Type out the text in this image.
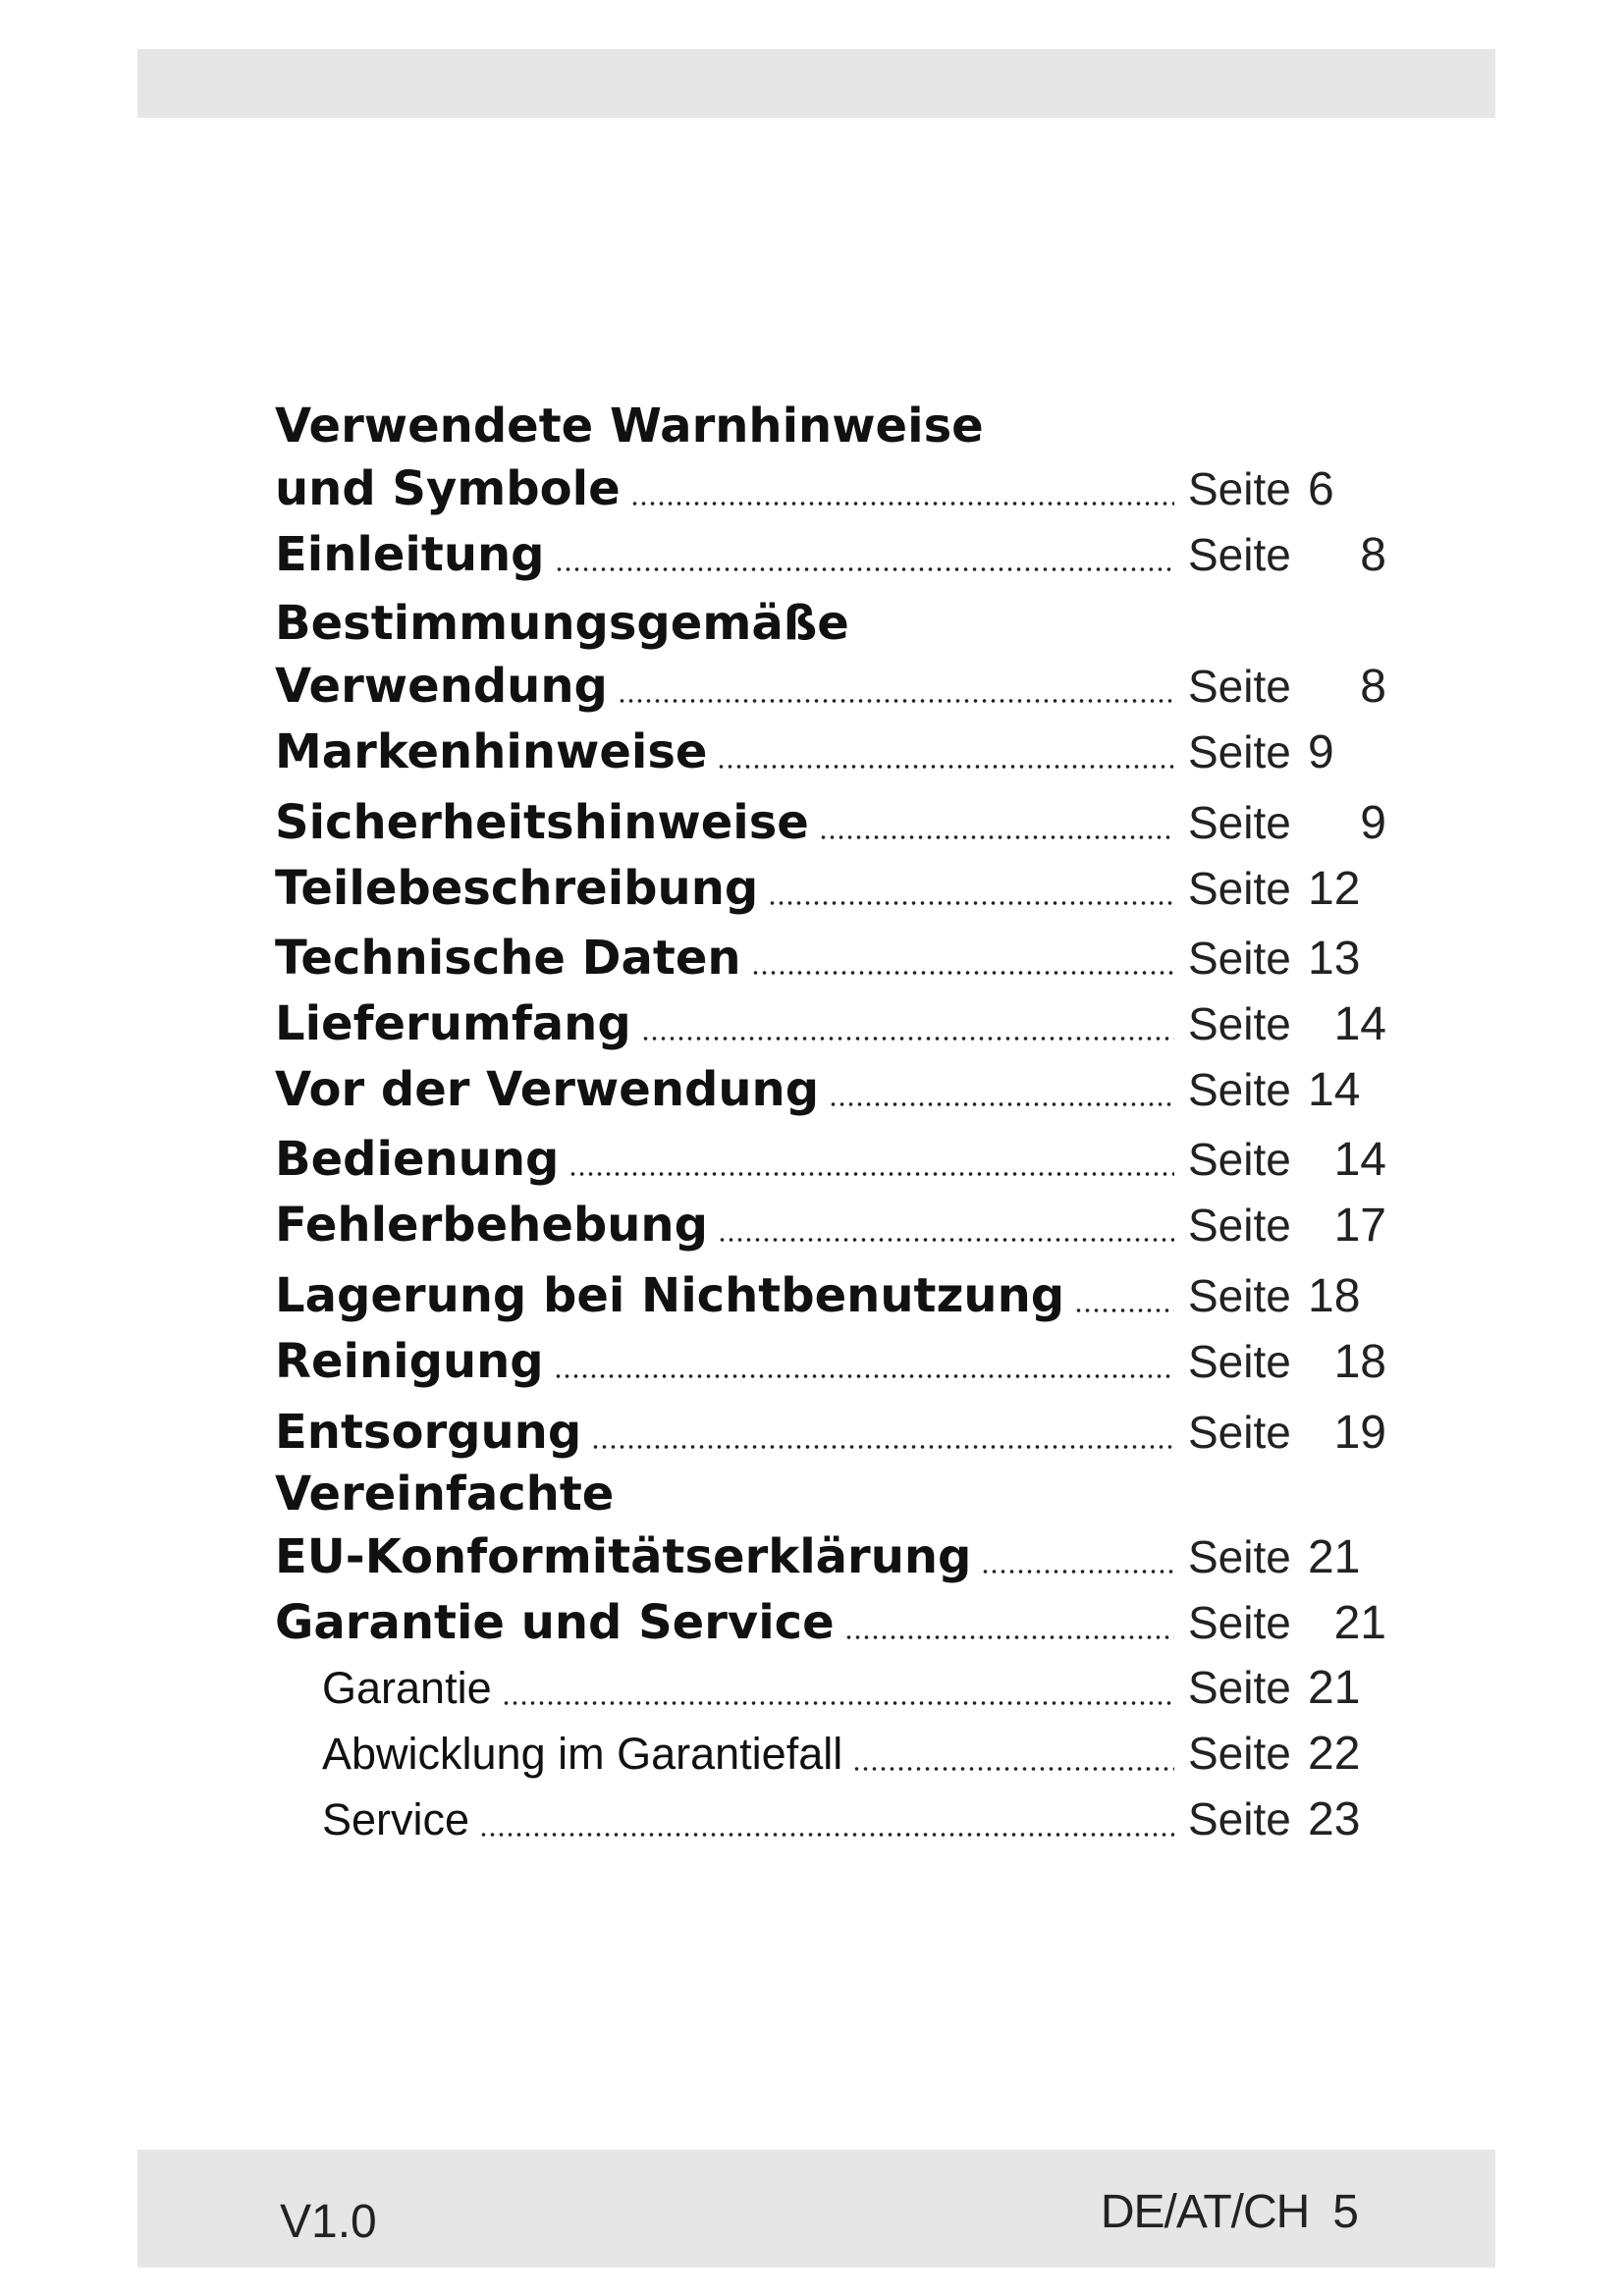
Verwendete Warnhinweise
und Symbole	Seite 6
Einleitung	Seite	8
Bestimmungsgemäße
Verwendung	Seite	8
Markenhinweise	Seite 9
Sicherheitshinweise	Seite	9
Teilebeschreibung	Seite 12
Technische Daten	Seite 13
Lieferumfang	Seite 14
Vor der Verwendung	Seite 14
Bedienung	Seite 14
Fehlerbehebung	Seite 17
Lagerung bei Nichtbenutzung	Seite 18
Reinigung	Seite 18
Entsorgung	Seite 19
Vereinfachte
EU-Konformitätserklärung	Seite 21
Garantie und Service	Seite 21
Garantie	Seite 21
Abwicklung im Garantiefall	Seite 22
Service	Seite 23
V1.0	DE/AT/CH 5
